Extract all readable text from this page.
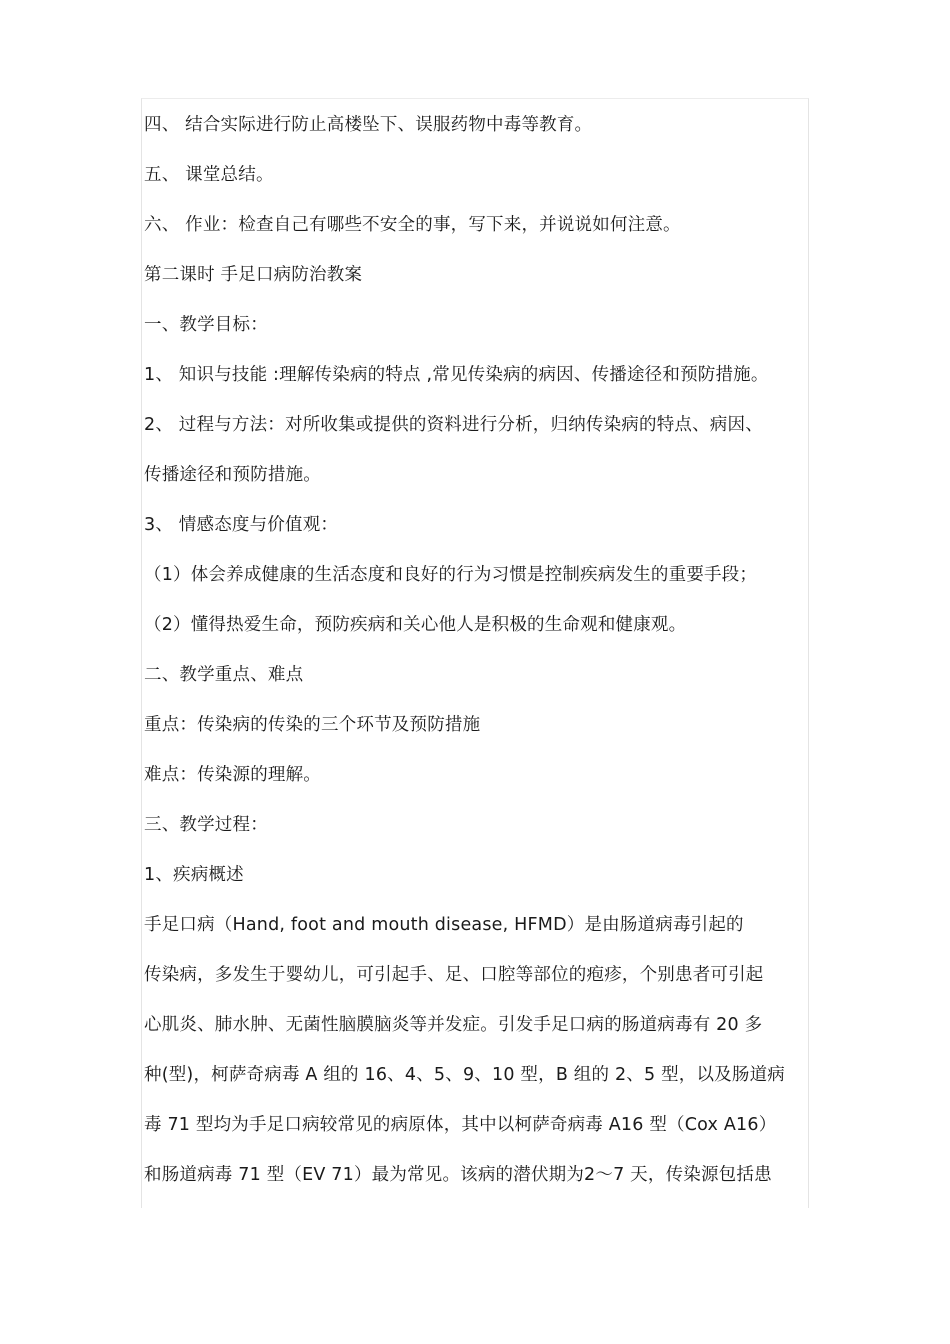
四、 结合实际进行防止高楼坠下、误服药物中毒等教育。
五、 课堂总结。
六、 作业：检查自己有哪些不安全的事，写下来，并说说如何注意。
第二课时 手足口病防治教案
一、教学目标：
1、 知识与技能 :理解传染病的特点 ,常见传染病的病因、传播途径和预防措施。
2、 过程与方法：对所收集或提供的资料进行分析，归纳传染病的特点、病因、
传播途径和预防措施。
3、 情感态度与价值观：
（1）体会养成健康的生活态度和良好的行为习惯是控制疾病发生的重要手段；
（2）懂得热爱生命，预防疾病和关心他人是积极的生命观和健康观。
二、教学重点、难点
重点：传染病的传染的三个环节及预防措施
难点：传染源的理解。
三、教学过程：
1、疾病概述
手足口病（Hand, foot and mouth disease, HFMD）是由肠道病毒引起的
传染病，多发生于婴幼儿，可引起手、足、口腔等部位的疱疹，个别患者可引起
心肌炎、肺水肿、无菌性脑膜脑炎等并发症。引发手足口病的肠道病毒有 20 多
种(型)，柯萨奇病毒 A 组的 16、4、5、9、10 型，B 组的 2、5 型，以及肠道病
毒 71 型均为手足口病较常见的病原体，其中以柯萨奇病毒 A16 型（Cox A16）
和肠道病毒 71 型（EV 71）最为常见。该病的潜伏期为2～7 天，传染源包括患
